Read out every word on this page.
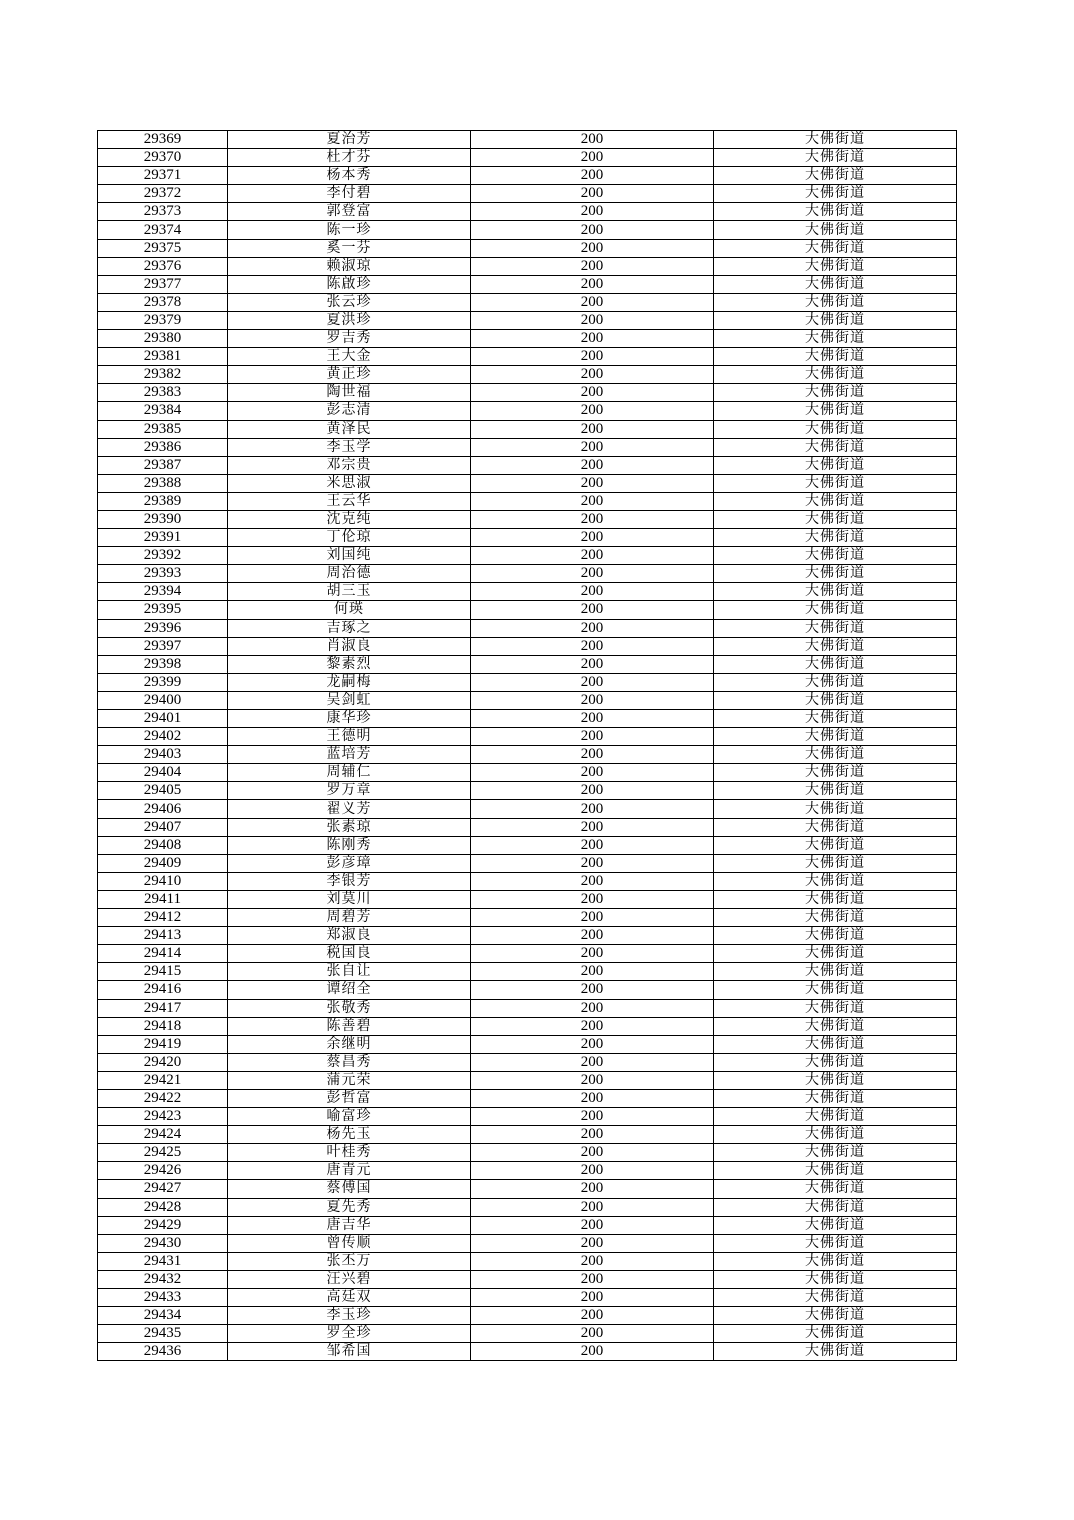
29369	夏治芳	200	大佛街道
29370	杜才芬	200	大佛街道
29371	杨本秀	200	大佛街道
29372	李付碧	200	大佛街道
29373	郭登富	200	大佛街道
29374	陈一珍	200	大佛街道
29375	奚一芬	200	大佛街道
29376	赖淑琼	200	大佛街道
29377	陈啟珍	200	大佛街道
29378	张云珍	200	大佛街道
29379	夏洪珍	200	大佛街道
29380	罗吉秀	200	大佛街道
29381	王大金	200	大佛街道
29382	黄正珍	200	大佛街道
29383	陶世福	200	大佛街道
29384	彭志清	200	大佛街道
29385	黄泽民	200	大佛街道
29386	李玉学	200	大佛街道
29387	邓宗贵	200	大佛街道
29388	米思淑	200	大佛街道
29389	王云华	200	大佛街道
29390	沈克纯	200	大佛街道
29391	丁伦琼	200	大佛街道
29392	刘国纯	200	大佛街道
29393	周治德	200	大佛街道
29394	胡三玉	200	大佛街道
29395	何瑛	200	大佛街道
29396	吉琢之	200	大佛街道
29397	肖淑良	200	大佛街道
29398	黎素烈	200	大佛街道
29399	龙嗣梅	200	大佛街道
29400	吴剑虹	200	大佛街道
29401	康华珍	200	大佛街道
29402	王德明	200	大佛街道
29403	蓝培芳	200	大佛街道
29404	周辅仁	200	大佛街道
29405	罗万章	200	大佛街道
29406	翟义芳	200	大佛街道
29407	张素琼	200	大佛街道
29408	陈刚秀	200	大佛街道
29409	彭彦璋	200	大佛街道
29410	李银芳	200	大佛街道
29411	刘莫川	200	大佛街道
29412	周碧芳	200	大佛街道
29413	郑淑良	200	大佛街道
29414	税国良	200	大佛街道
29415	张自让	200	大佛街道
29416	谭绍全	200	大佛街道
29417	张敬秀	200	大佛街道
29418	陈善碧	200	大佛街道
29419	余继明	200	大佛街道
29420	蔡昌秀	200	大佛街道
29421	蒲元荣	200	大佛街道
29422	彭哲富	200	大佛街道
29423	喻富珍	200	大佛街道
29424	杨先玉	200	大佛街道
29425	叶桂秀	200	大佛街道
29426	唐青元	200	大佛街道
29427	蔡傅国	200	大佛街道
29428	夏先秀	200	大佛街道
29429	唐吉华	200	大佛街道
29430	曾传顺	200	大佛街道
29431	张丕万	200	大佛街道
29432	汪兴碧	200	大佛街道
29433	高廷双	200	大佛街道
29434	李玉珍	200	大佛街道
29435	罗全珍	200	大佛街道
29436	邹希国	200	大佛街道
